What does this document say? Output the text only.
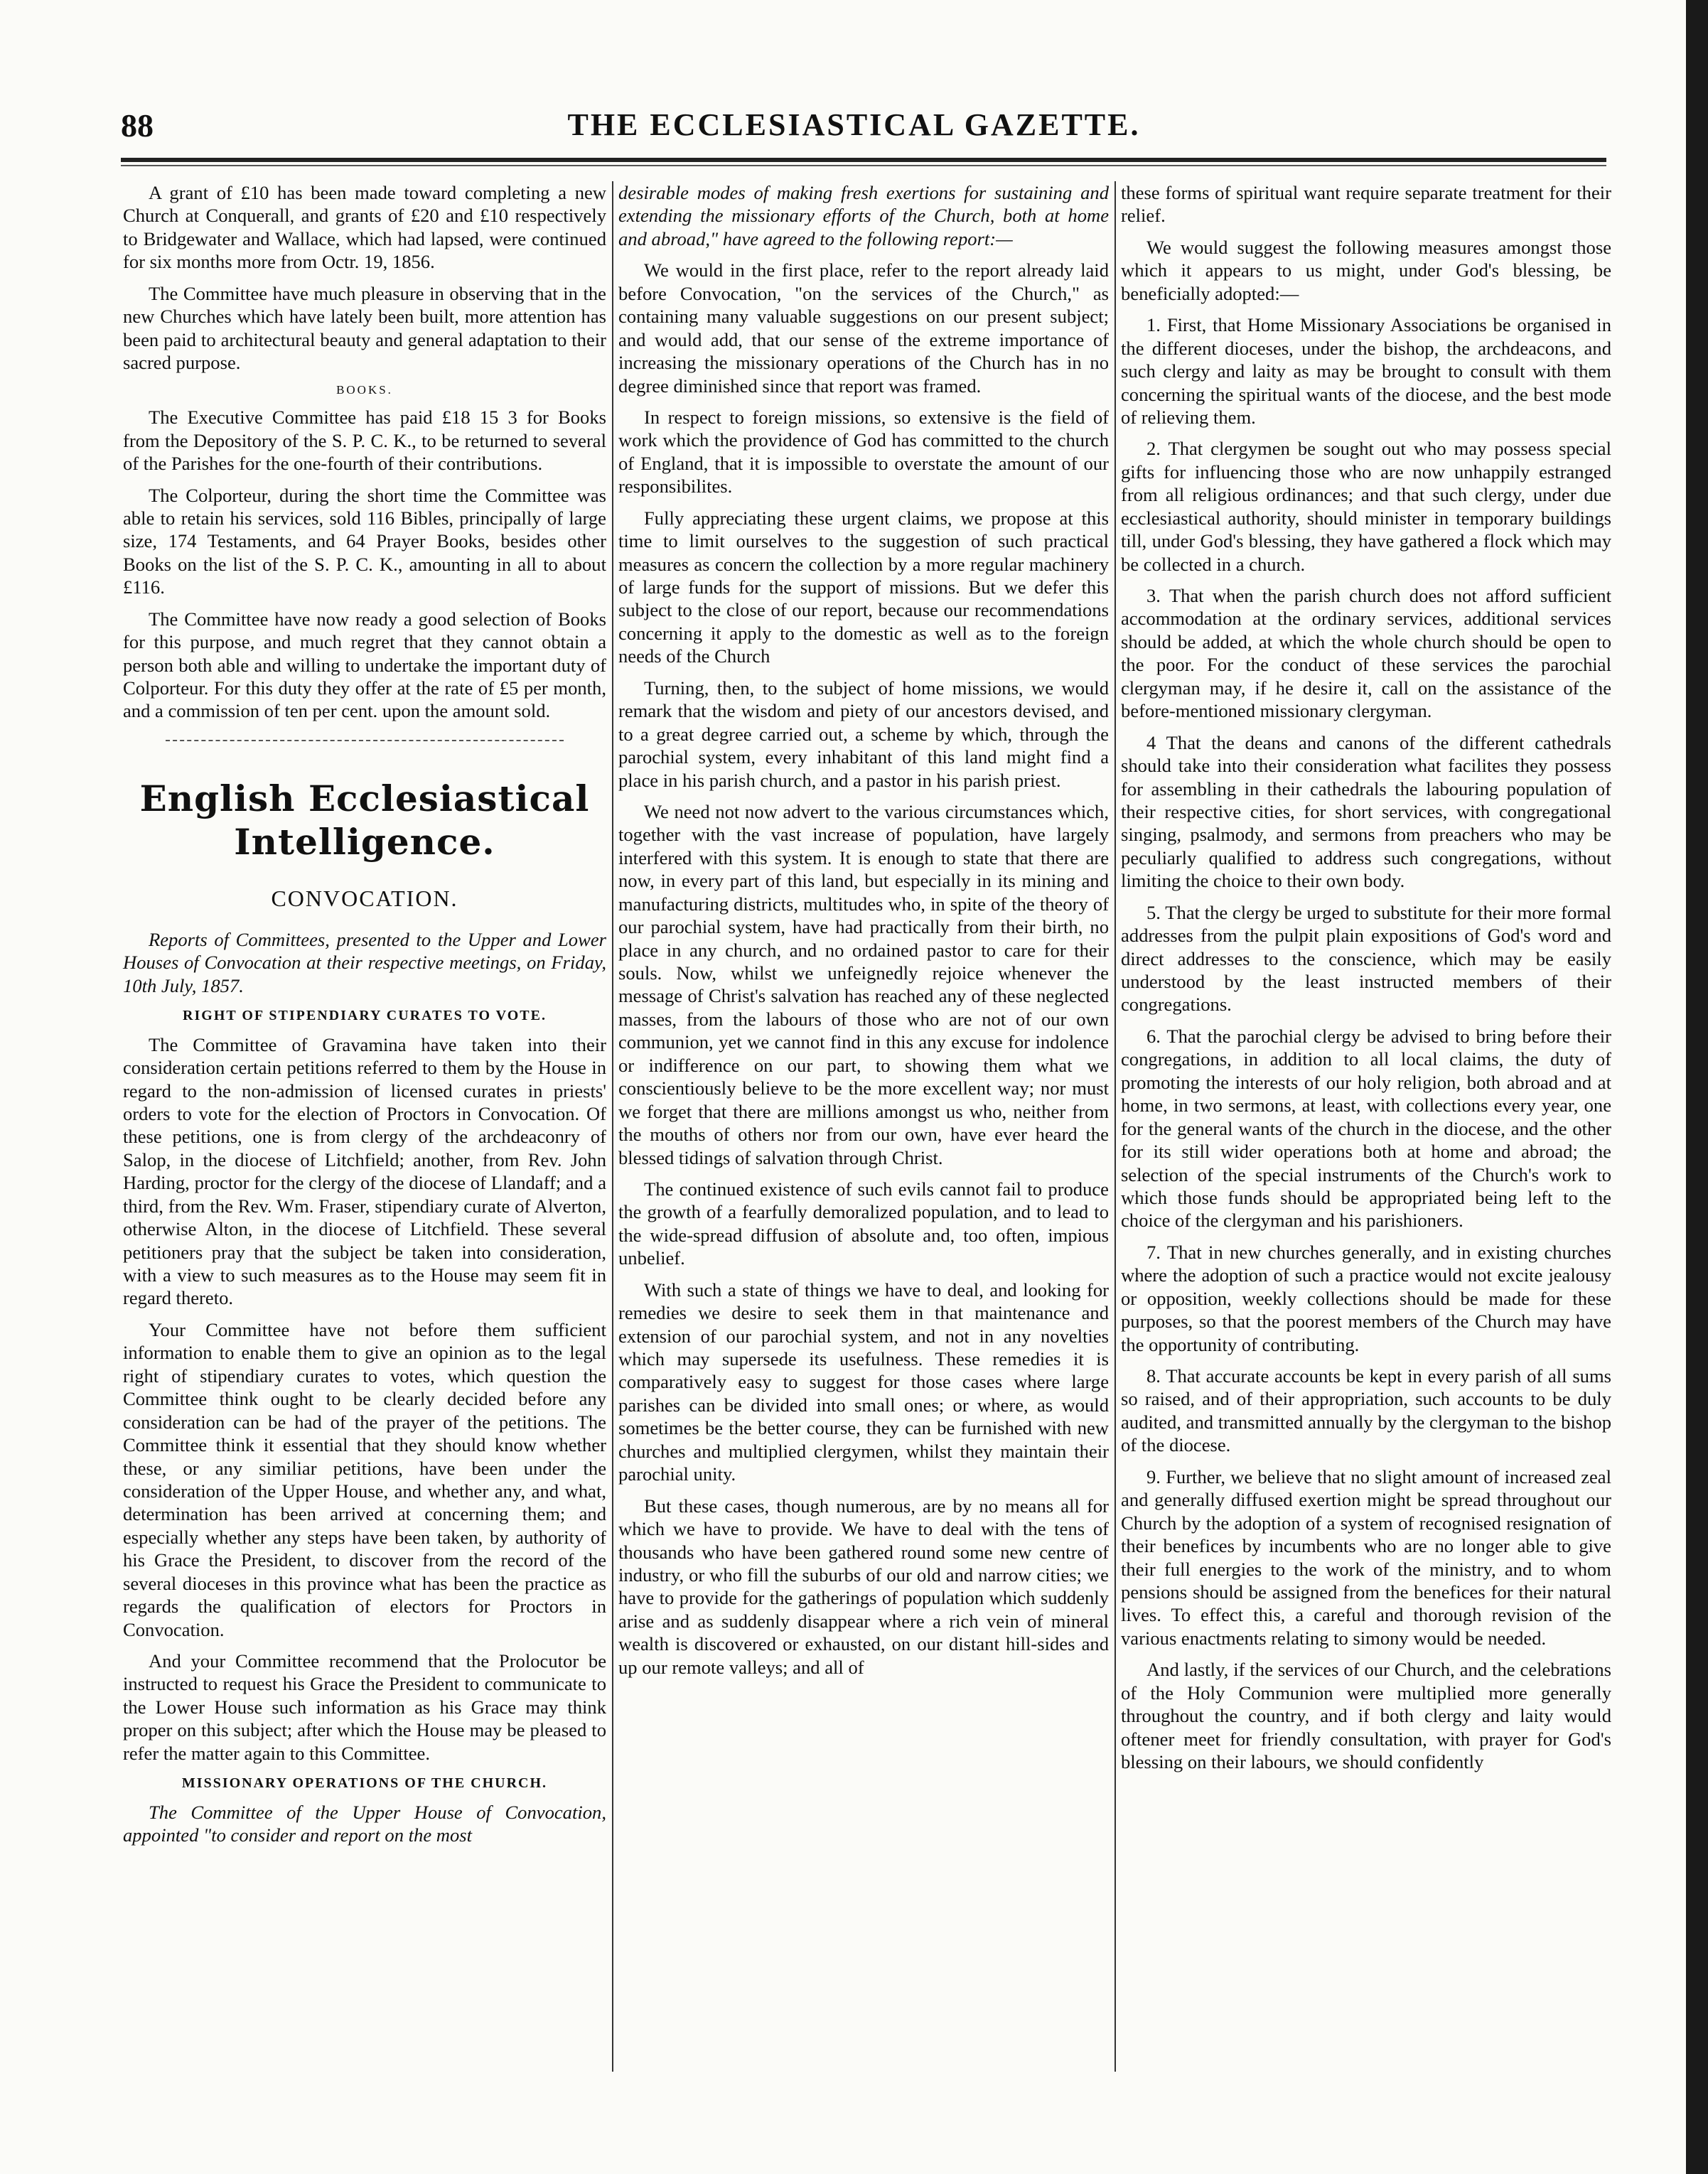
88	THE ECCLESIASTICAL GAZETTE.

A grant of £10 has been made toward completing a new Church at Conquerall, and grants of £20 and £10 respectively to Bridgewater and Wallace, which had lapsed, were continued for six months more from Octr. 19, 1856.

The Committee have much pleasure in observing that in the new Churches which have lately been built, more attention has been paid to architectural beauty and general adaptation to their sacred purpose.

BOOKS.

The Executive Committee has paid £18 15 3 for Books from the Depository of the S. P. C. K., to be returned to several of the Parishes for the one-fourth of their contributions.

The Colporteur, during the short time the Committee was able to retain his services, sold 116 Bibles, principally of large size, 174 Testaments, and 64 Prayer Books, besides other Books on the list of the S. P. C. K., amounting in all to about £116.

The Committee have now ready a good selection of Books for this purpose, and much regret that they cannot obtain a person both able and willing to undertake the important duty of Colporteur. For this duty they offer at the rate of £5 per month, and a commission of ten per cent. upon the amount sold.

English Ecclesiastical Intelligence.
CONVOCATION.

Reports of Committees, presented to the Upper and Lower Houses of Convocation at their respective meetings, on Friday, 10th July, 1857.

RIGHT OF STIPENDIARY CURATES TO VOTE.

The Committee of Gravamina have taken into their consideration certain petitions referred to them by the House in regard to the non-admission of licensed curates in priests' orders to vote for the election of Proctors in Convocation. Of these petitions, one is from clergy of the archdeaconry of Salop, in the diocese of Litchfield; another, from Rev. John Harding, proctor for the clergy of the diocese of Llandaff; and a third, from the Rev. Wm. Fraser, stipendiary curate of Alverton, otherwise Alton, in the diocese of Litchfield. These several petitioners pray that the subject be taken into consideration, with a view to such measures as to the House may seem fit in regard thereto.

Your Committee have not before them sufficient information to enable them to give an opinion as to the legal right of stipendiary curates to votes, which question the Committee think ought to be clearly decided before any consideration can be had of the prayer of the petitions. The Committee think it essential that they should know whether these, or any similiar petitions, have been under the consideration of the Upper House, and whether any, and what, determination has been arrived at concerning them; and especially whether any steps have been taken, by authority of his Grace the President, to discover from the record of the several dioceses in this province what has been the practice as regards the qualification of electors for Proctors in Convocation.

And your Committee recommend that the Prolocutor be instructed to request his Grace the President to communicate to the Lower House such information as his Grace may think proper on this subject; after which the House may be pleased to refer the matter again to this Committee.

MISSIONARY OPERATIONS OF THE CHURCH.

The Committee of the Upper House of Convocation, appointed "to consider and report on the most

desirable modes of making fresh exertions for sustaining and extending the missionary efforts of the Church, both at home and abroad," have agreed to the following report:—

We would in the first place, refer to the report already laid before Convocation, "on the services of the Church," as containing many valuable suggestions on our present subject; and would add, that our sense of the extreme importance of increasing the missionary operations of the Church has in no degree diminished since that report was framed.

In respect to foreign missions, so extensive is the field of work which the providence of God has committed to the church of England, that it is impossible to overstate the amount of our responsibilites.

Fully appreciating these urgent claims, we propose at this time to limit ourselves to the suggestion of such practical measures as concern the collection by a more regular machinery of large funds for the support of missions. But we defer this subject to the close of our report, because our recommendations concerning it apply to the domestic as well as to the foreign needs of the Church

Turning, then, to the subject of home missions, we would remark that the wisdom and piety of our ancestors devised, and to a great degree carried out, a scheme by which, through the parochial system, every inhabitant of this land might find a place in his parish church, and a pastor in his parish priest.

We need not now advert to the various circumstances which, together with the vast increase of population, have largely interfered with this system. It is enough to state that there are now, in every part of this land, but especially in its mining and manufacturing districts, multitudes who, in spite of the theory of our parochial system, have had practically from their birth, no place in any church, and no ordained pastor to care for their souls. Now, whilst we unfeignedly rejoice whenever the message of Christ's salvation has reached any of these neglected masses, from the labours of those who are not of our own communion, yet we cannot find in this any excuse for indolence or indifference on our part, to showing them what we conscientiously believe to be the more excellent way; nor must we forget that there are millions amongst us who, neither from the mouths of others nor from our own, have ever heard the blessed tidings of salvation through Christ.

The continued existence of such evils cannot fail to produce the growth of a fearfully demoralized population, and to lead to the wide-spread diffusion of absolute and, too often, impious unbelief.

With such a state of things we have to deal, and looking for remedies we desire to seek them in that maintenance and extension of our parochial system, and not in any novelties which may supersede its usefulness. These remedies it is comparatively easy to suggest for those cases where large parishes can be divided into small ones; or where, as would sometimes be the better course, they can be furnished with new churches and multiplied clergymen, whilst they maintain their parochial unity.

But these cases, though numerous, are by no means all for which we have to provide. We have to deal with the tens of thousands who have been gathered round some new centre of industry, or who fill the suburbs of our old and narrow cities; we have to provide for the gatherings of population which suddenly arise and as suddenly disappear where a rich vein of mineral wealth is discovered or exhausted, on our distant hill-sides and up our remote valleys; and all of

these forms of spiritual want require separate treatment for their relief.

We would suggest the following measures amongst those which it appears to us might, under God's blessing, be beneficially adopted:—

1. First, that Home Missionary Associations be organised in the different dioceses, under the bishop, the archdeacons, and such clergy and laity as may be brought to consult with them concerning the spiritual wants of the diocese, and the best mode of relieving them.

2. That clergymen be sought out who may possess special gifts for influencing those who are now unhappily estranged from all religious ordinances; and that such clergy, under due ecclesiastical authority, should minister in temporary buildings till, under God's blessing, they have gathered a flock which may be collected in a church.

3. That when the parish church does not afford sufficient accommodation at the ordinary services, additional services should be added, at which the whole church should be open to the poor. For the conduct of these services the parochial clergyman may, if he desire it, call on the assistance of the before-mentioned missionary clergyman.

4 That the deans and canons of the different cathedrals should take into their consideration what facilites they possess for assembling in their cathedrals the labouring population of their respective cities, for short services, with congregational singing, psalmody, and sermons from preachers who may be peculiarly qualified to address such congregations, without limiting the choice to their own body.

5. That the clergy be urged to substitute for their more formal addresses from the pulpit plain expositions of God's word and direct addresses to the conscience, which may be easily understood by the least instructed members of their congregations.

6. That the parochial clergy be advised to bring before their congregations, in addition to all local claims, the duty of promoting the interests of our holy religion, both abroad and at home, in two sermons, at least, with collections every year, one for the general wants of the church in the diocese, and the other for its still wider operations both at home and abroad; the selection of the special instruments of the Church's work to which those funds should be appropriated being left to the choice of the clergyman and his parishioners.

7. That in new churches generally, and in existing churches where the adoption of such a practice would not excite jealousy or opposition, weekly collections should be made for these purposes, so that the poorest members of the Church may have the opportunity of contributing.

8. That accurate accounts be kept in every parish of all sums so raised, and of their appropriation, such accounts to be duly audited, and transmitted annually by the clergyman to the bishop of the diocese.

9. Further, we believe that no slight amount of increased zeal and generally diffused exertion might be spread throughout our Church by the adoption of a system of recognised resignation of their benefices by incumbents who are no longer able to give their full energies to the work of the ministry, and to whom pensions should be assigned from the benefices for their natural lives. To effect this, a careful and thorough revision of the various enactments relating to simony would be needed.

And lastly, if the services of our Church, and the celebrations of the Holy Communion were multiplied more generally throughout the country, and if both clergy and laity would oftener meet for friendly consultation, with prayer for God's blessing on their labours, we should confidently
